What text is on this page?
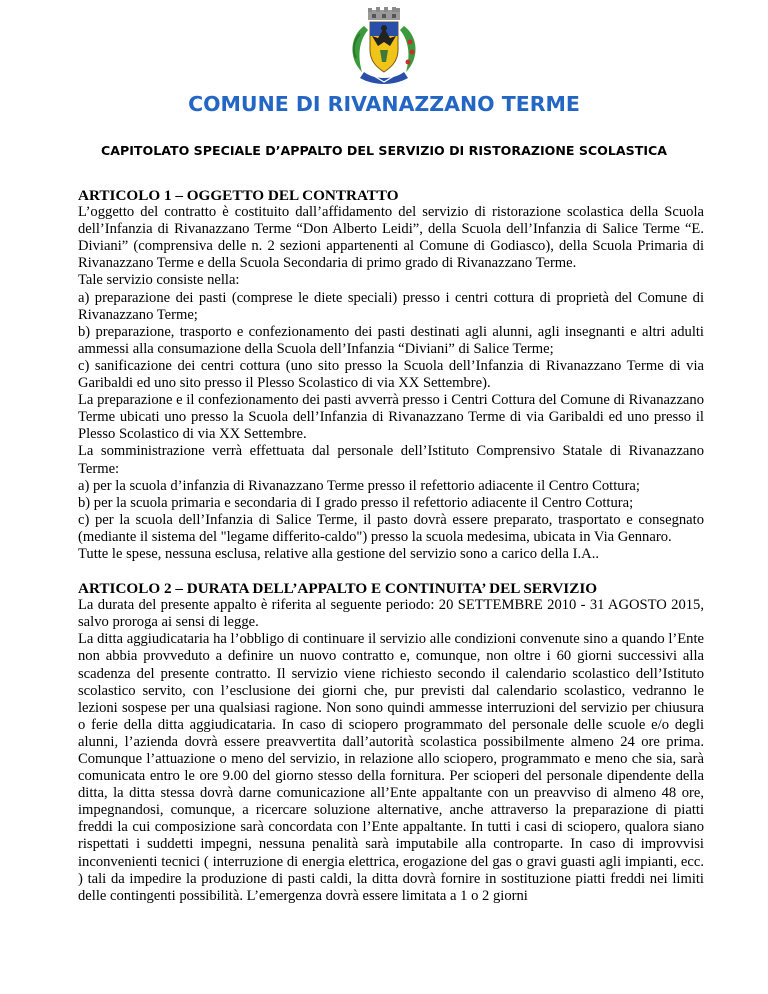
COMUNE DI RIVANAZZANO TERME
CAPITOLATO SPECIALE D’APPALTO DEL SERVIZIO DI RISTORAZIONE SCOLASTICA
ARTICOLO 1 – OGGETTO DEL CONTRATTO
L’oggetto del contratto è costituito dall’affidamento del servizio di ristorazione scolastica della Scuola dell’Infanzia di Rivanazzano Terme “Don Alberto Leidi”, della Scuola dell’Infanzia di Salice Terme “E. Diviani” (comprensiva delle n. 2 sezioni appartenenti al Comune di Godiasco), della Scuola Primaria di Rivanazzano Terme e della Scuola Secondaria di primo grado di Rivanazzano Terme.
Tale servizio consiste nella:
a) preparazione dei pasti (comprese le diete speciali) presso i centri cottura di proprietà del Comune di Rivanazzano Terme;
b) preparazione, trasporto e confezionamento dei pasti destinati agli alunni, agli insegnanti e altri adulti ammessi alla consumazione della Scuola dell’Infanzia “Diviani” di Salice Terme;
c) sanificazione dei centri cottura (uno sito presso la Scuola dell’Infanzia di Rivanazzano Terme di via Garibaldi ed uno sito presso il Plesso Scolastico di via XX Settembre).
La preparazione e il confezionamento dei pasti avverrà presso i Centri Cottura del Comune di Rivanazzano Terme ubicati uno presso la Scuola dell’Infanzia di Rivanazzano Terme di via Garibaldi ed uno presso il Plesso Scolastico di via XX Settembre.
La somministrazione verrà effettuata dal personale dell’Istituto Comprensivo Statale di Rivanazzano Terme:
a) per la scuola d’infanzia di Rivanazzano Terme presso il refettorio adiacente il Centro Cottura;
b) per la scuola primaria e secondaria di I grado presso il refettorio adiacente il Centro Cottura;
c) per la scuola dell’Infanzia di Salice Terme, il pasto dovrà essere preparato, trasportato e consegnato (mediante il sistema del "legame differito-caldo") presso la scuola medesima, ubicata in Via Gennaro.
Tutte le spese, nessuna esclusa, relative alla gestione del servizio sono a carico della I.A..
ARTICOLO 2 – DURATA DELL’APPALTO E CONTINUITA’ DEL SERVIZIO
La durata del presente appalto è riferita al seguente periodo: 20 SETTEMBRE 2010 - 31 AGOSTO 2015, salvo proroga ai sensi di legge.
La ditta aggiudicataria ha l’obbligo di continuare il servizio alle condizioni convenute sino a quando l’Ente non abbia provveduto a definire un nuovo contratto e, comunque, non oltre i 60 giorni successivi alla scadenza del presente contratto. Il servizio viene richiesto secondo il calendario scolastico dell’Istituto scolastico servito, con l’esclusione dei giorni che, pur previsti dal calendario scolastico, vedranno le lezioni sospese per una qualsiasi ragione. Non sono quindi ammesse interruzioni del servizio per chiusura o ferie della ditta aggiudicataria. In caso di sciopero programmato del personale delle scuole e/o degli alunni, l’azienda dovrà essere preavvertita dall’autorità scolastica possibilmente almeno 24 ore prima. Comunque l’attuazione o meno del servizio, in relazione allo sciopero, programmato e meno che sia, sarà comunicata entro le ore 9.00 del giorno stesso della fornitura. Per scioperi del personale dipendente della ditta, la ditta stessa dovrà darne comunicazione all’Ente appaltante con un preavviso di almeno 48 ore, impegnandosi, comunque, a ricercare soluzione alternative, anche attraverso la preparazione di piatti freddi la cui composizione sarà concordata con l’Ente appaltante. In tutti i casi di sciopero, qualora siano rispettati i suddetti impegni, nessuna penalità sarà imputabile alla controparte. In caso di improvvisi inconvenienti tecnici ( interruzione di energia elettrica, erogazione del gas o gravi guasti agli impianti, ecc. ) tali da impedire la produzione di pasti caldi, la ditta dovrà fornire in sostituzione piatti freddi nei limiti delle contingenti possibilità. L’emergenza dovrà essere limitata a 1 o 2 giorni
